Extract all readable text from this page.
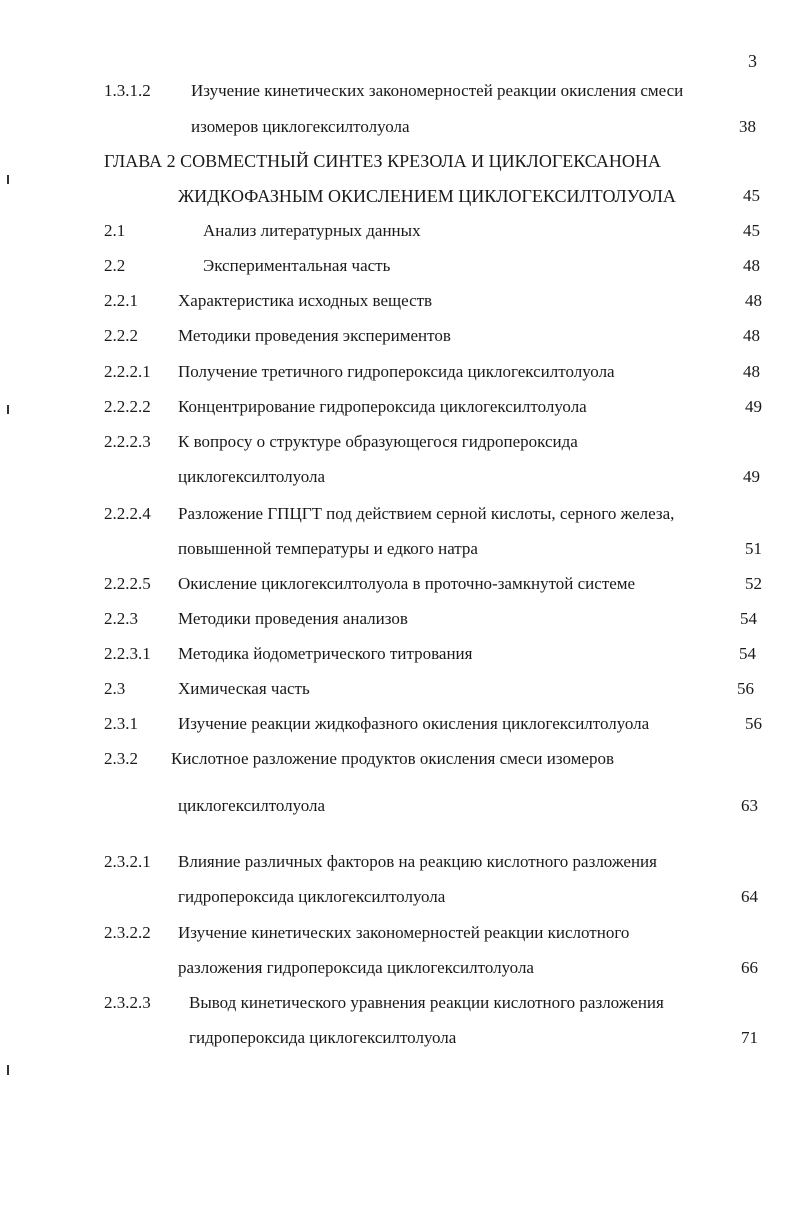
3
1.3.1.2 Изучение кинетических закономерностей реакции окисления смеси
изомеров циклогексилтолуола	38
ГЛАВА 2 СОВМЕСТНЫЙ СИНТЕЗ КРЕЗОЛА И ЦИКЛОГЕКСАНОНА
ЖИДКОФАЗНЫМ ОКИСЛЕНИЕМ ЦИКЛОГЕКСИЛТОЛУОЛА	45
2.1	Анализ литературных данных	45
2.2	Экспериментальная часть	48
2.2.1 Характеристика исходных веществ	48
2.2.2 Методики проведения экспериментов	48
2.2.2.1 Получение третичного гидропероксида циклогексилтолуола	48
2.2.2.2 Концентрирование гидропероксида циклогексилтолуола	49
2.2.2.3 К вопросу о структуре образующегося гидропероксида
циклогексилтолуола	49
2.2.2.4 Разложение ГПЦГТ под действием серной кислоты, серного железа,
повышенной температуры и едкого натра	51
2.2.2.5 Окисление циклогексилтолуола в проточно-замкнутой системе	52
2.2.3 Методики проведения анализов	54
2.2.3.1 Методика йодометрического титрования	54
2.3	Химическая часть	56
2.3.1 Изучение реакции жидкофазного окисления циклогексилтолуола	56
2.3.2 Кислотное разложение продуктов окисления смеси изомеров
циклогексилтолуола	63
2.3.2.1 Влияние различных факторов на реакцию кислотного разложения
гидропероксида циклогексилтолуола	64
2.3.2.2 Изучение кинетических закономерностей реакции кислотного
разложения гидропероксида циклогексилтолуола	66
2.3.2.3 Вывод кинетического уравнения реакции кислотного разложения
гидропероксида циклогексилтолуола	71
